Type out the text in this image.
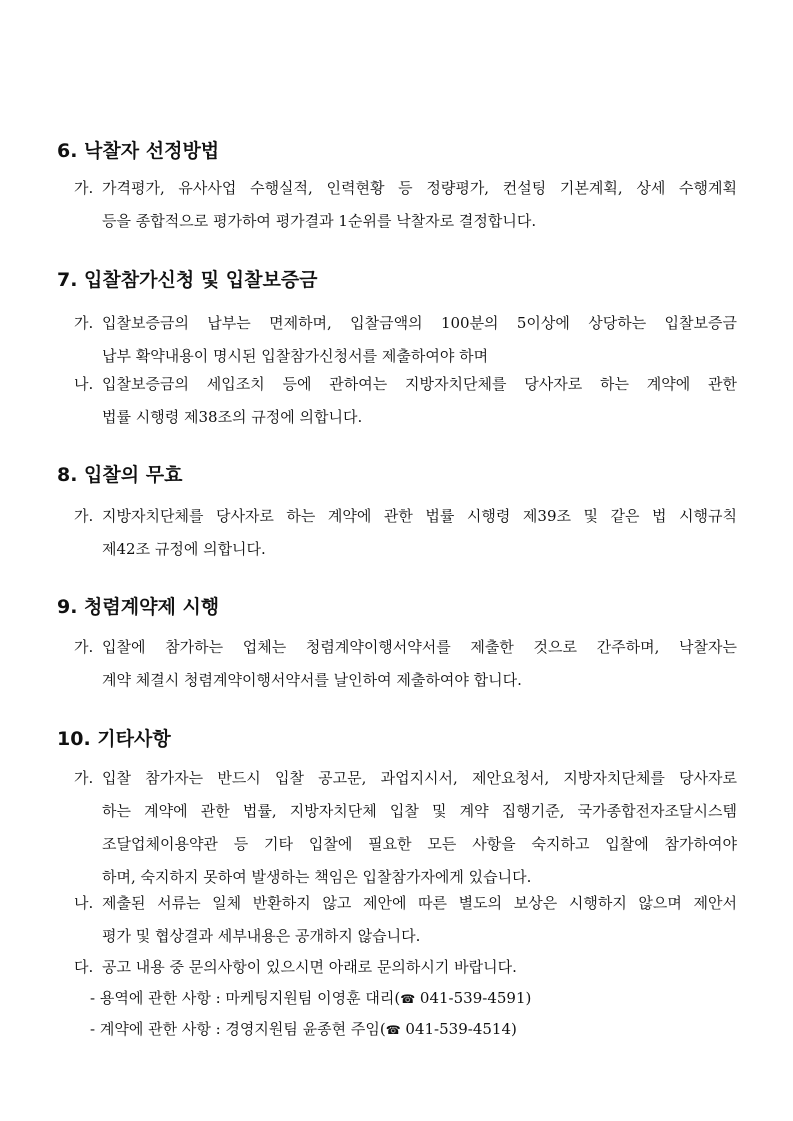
6. 낙찰자 선정방법
가. 가격평가, 유사사업 수행실적, 인력현황 등 정량평가, 컨설팅 기본계획, 상세 수행계획
등을 종합적으로 평가하여 평가결과 1순위를 낙찰자로 결정합니다.
7. 입찰참가신청 및 입찰보증금
가. 입찰보증금의 납부는 면제하며, 입찰금액의 100분의 5이상에 상당하는 입찰보증금
납부 확약내용이 명시된 입찰참가신청서를 제출하여야 하며
나. 입찰보증금의 세입조치 등에 관하여는 지방자치단체를 당사자로 하는 계약에 관한
법률 시행령 제38조의 규정에 의합니다.
8. 입찰의 무효
가. 지방자치단체를 당사자로 하는 계약에 관한 법률 시행령 제39조 및 같은 법 시행규칙
제42조 규정에 의합니다.
9. 청렴계약제 시행
가. 입찰에 참가하는 업체는 청렴계약이행서약서를 제출한 것으로 간주하며, 낙찰자는
계약 체결시 청렴계약이행서약서를 날인하여 제출하여야 합니다.
10. 기타사항
가. 입찰 참가자는 반드시 입찰 공고문, 과업지시서, 제안요청서, 지방자치단체를 당사자로
하는 계약에 관한 법률, 지방자치단체 입찰 및 계약 집행기준, 국가종합전자조달시스템
조달업체이용약관 등 기타 입찰에 필요한 모든 사항을 숙지하고 입찰에 참가하여야
하며, 숙지하지 못하여 발생하는 책임은 입찰참가자에게 있습니다.
나. 제출된 서류는 일체 반환하지 않고 제안에 따른 별도의 보상은 시행하지 않으며 제안서
평가 및 협상결과 세부내용은 공개하지 않습니다.
다. 공고 내용 중 문의사항이 있으시면 아래로 문의하시기 바랍니다.
- 용역에 관한 사항 : 마케팅지원팀 이영훈 대리(☎ 041-539-4591)
- 계약에 관한 사항 : 경영지원팀 윤종현 주임(☎ 041-539-4514)
